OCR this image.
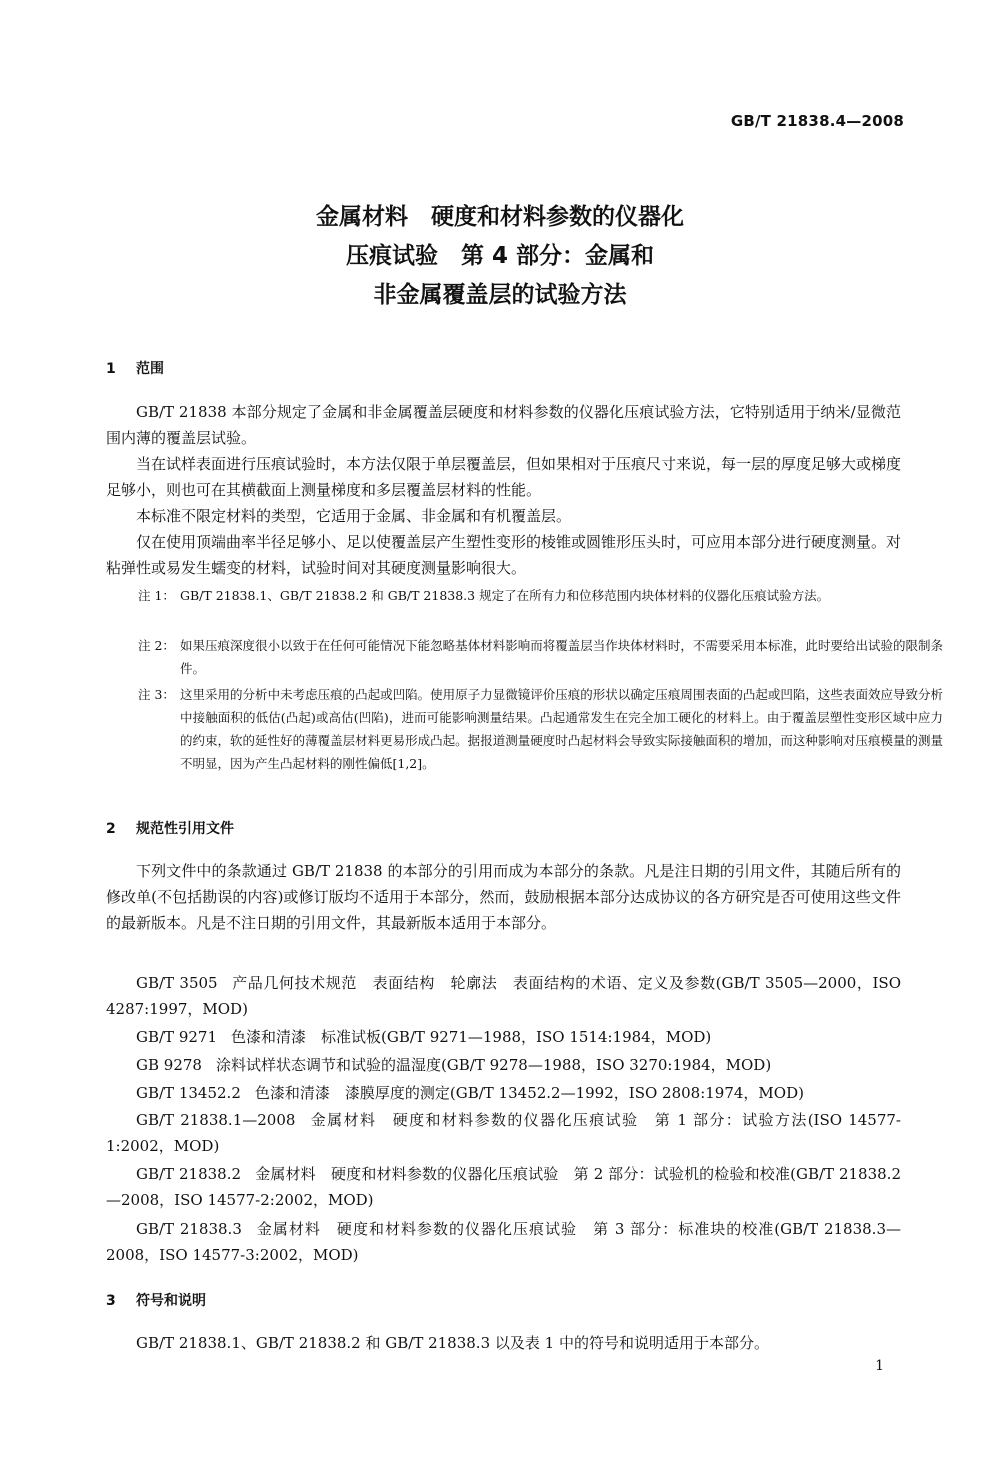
GB/T 21838.4—2008
金属材料　硬度和材料参数的仪器化
压痕试验　第 4 部分：金属和
非金属覆盖层的试验方法
1 范围
GB/T 21838 本部分规定了金属和非金属覆盖层硬度和材料参数的仪器化压痕试验方法，它特别适用于纳米/显微范围内薄的覆盖层试验。
当在试样表面进行压痕试验时，本方法仅限于单层覆盖层，但如果相对于压痕尺寸来说，每一层的厚度足够大或梯度足够小，则也可在其横截面上测量梯度和多层覆盖层材料的性能。
本标准不限定材料的类型，它适用于金属、非金属和有机覆盖层。
仅在使用顶端曲率半径足够小、足以使覆盖层产生塑性变形的棱锥或圆锥形压头时，可应用本部分进行硬度测量。对粘弹性或易发生蠕变的材料，试验时间对其硬度测量影响很大。
注 1： GB/T 21838.1、GB/T 21838.2 和 GB/T 21838.3 规定了在所有力和位移范围内块体材料的仪器化压痕试验方法。
注 2： 如果压痕深度很小以致于在任何可能情况下能忽略基体材料影响而将覆盖层当作块体材料时，不需要采用本标准，此时要给出试验的限制条件。
注 3： 这里采用的分析中未考虑压痕的凸起或凹陷。使用原子力显微镜评价压痕的形状以确定压痕周围表面的凸起或凹陷，这些表面效应导致分析中接触面积的低估(凸起)或高估(凹陷)，进而可能影响测量结果。凸起通常发生在完全加工硬化的材料上。由于覆盖层塑性变形区域中应力的约束，软的延性好的薄覆盖层材料更易形成凸起。据报道测量硬度时凸起材料会导致实际接触面积的增加，而这种影响对压痕模量的测量不明显，因为产生凸起材料的刚性偏低[1,2]。
2 规范性引用文件
下列文件中的条款通过 GB/T 21838 的本部分的引用而成为本部分的条款。凡是注日期的引用文件，其随后所有的修改单(不包括勘误的内容)或修订版均不适用于本部分，然而，鼓励根据本部分达成协议的各方研究是否可使用这些文件的最新版本。凡是不注日期的引用文件，其最新版本适用于本部分。
GB/T 3505 产品几何技术规范　表面结构　轮廓法　表面结构的术语、定义及参数(GB/T 3505—2000，ISO 4287:1997，MOD)
GB/T 9271 色漆和清漆　标准试板(GB/T 9271—1988，ISO 1514:1984，MOD)
GB 9278 涂料试样状态调节和试验的温湿度(GB/T 9278—1988，ISO 3270:1984，MOD)
GB/T 13452.2 色漆和清漆　漆膜厚度的测定(GB/T 13452.2—1992，ISO 2808:1974，MOD)
GB/T 21838.1—2008 金属材料　硬度和材料参数的仪器化压痕试验　第 1 部分：试验方法(ISO 14577-1:2002，MOD)
GB/T 21838.2 金属材料　硬度和材料参数的仪器化压痕试验　第 2 部分：试验机的检验和校准(GB/T 21838.2—2008，ISO 14577-2:2002，MOD)
GB/T 21838.3 金属材料　硬度和材料参数的仪器化压痕试验　第 3 部分：标准块的校准(GB/T 21838.3—2008，ISO 14577-3:2002，MOD)
3 符号和说明
GB/T 21838.1、GB/T 21838.2 和 GB/T 21838.3 以及表 1 中的符号和说明适用于本部分。
1
